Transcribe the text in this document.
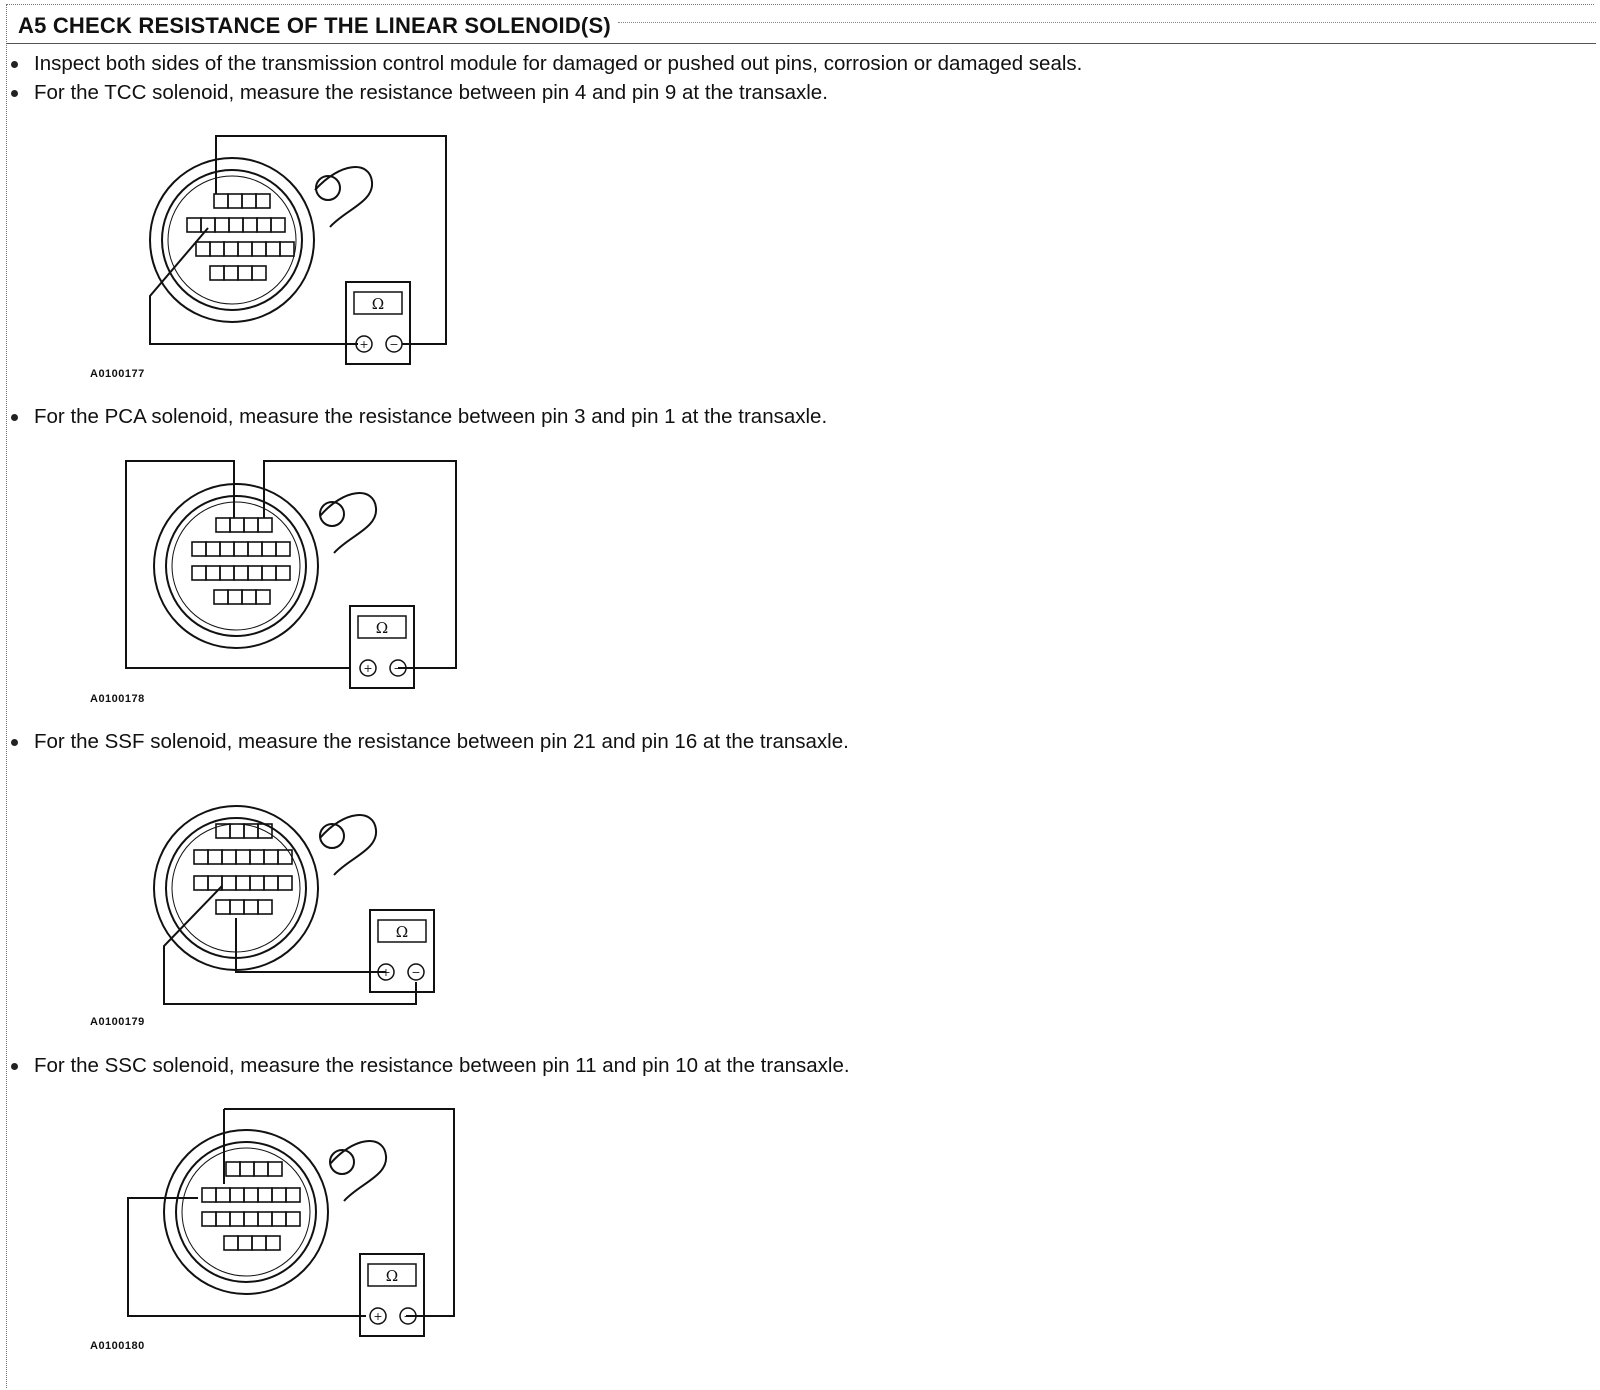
A5 CHECK RESISTANCE OF THE LINEAR SOLENOID(S)
Inspect both sides of the transmission control module for damaged or pushed out pins, corrosion or damaged seals.
For the TCC solenoid, measure the resistance between pin 4 and pin 9 at the transaxle.
Ω
+ −
A0100177
For the PCA solenoid, measure the resistance between pin 3 and pin 1 at the transaxle.
Ω
+ −
A0100178
For the SSF solenoid, measure the resistance between pin 21 and pin 16 at the transaxle.
Ω
+ −
A0100179
For the SSC solenoid, measure the resistance between pin 11 and pin 10 at the transaxle.
Ω
+ −
A0100180
